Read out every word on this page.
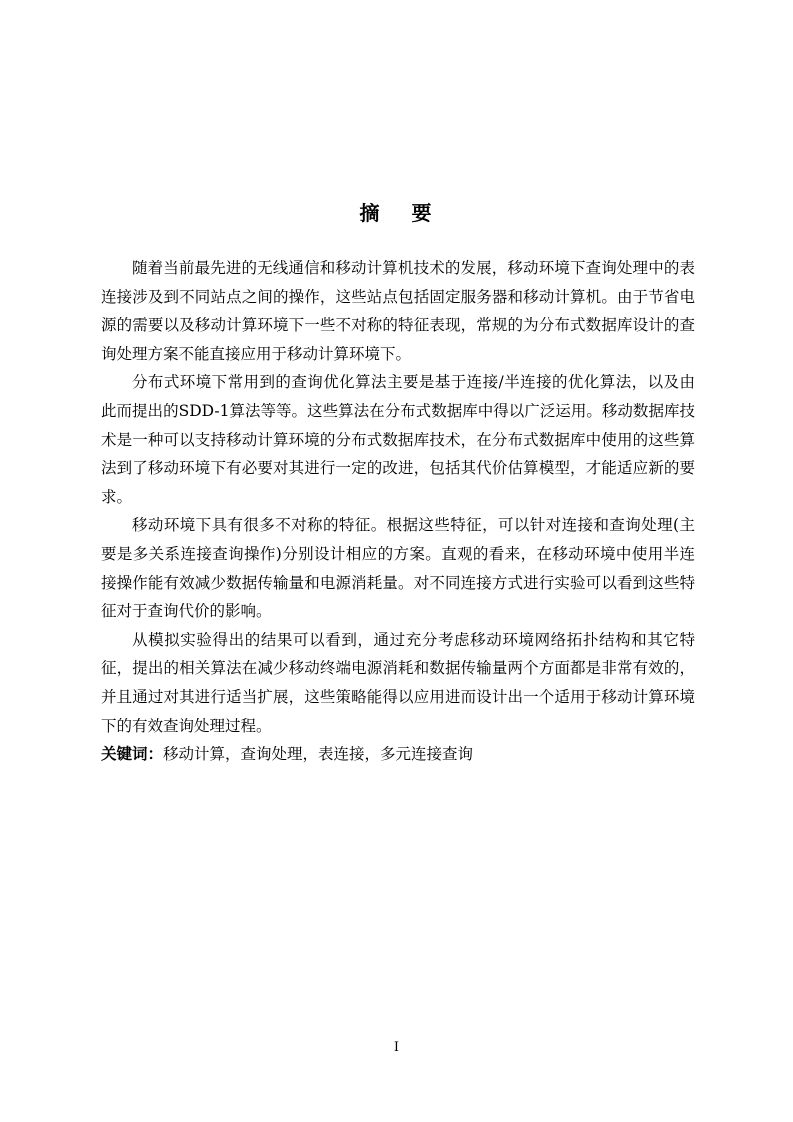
摘 要

随着当前最先进的无线通信和移动计算机技术的发展，移动环境下查询处理中的表连接涉及到不同站点之间的操作，这些站点包括固定服务器和移动计算机。由于节省电源的需要以及移动计算环境下一些不对称的特征表现，常规的为分布式数据库设计的查询处理方案不能直接应用于移动计算环境下。

分布式环境下常用到的查询优化算法主要是基于连接/半连接的优化算法，以及由此而提出的SDD-1算法等等。这些算法在分布式数据库中得以广泛运用。移动数据库技术是一种可以支持移动计算环境的分布式数据库技术，在分布式数据库中使用的这些算法到了移动环境下有必要对其进行一定的改进，包括其代价估算模型，才能适应新的要求。

移动环境下具有很多不对称的特征。根据这些特征，可以针对连接和查询处理(主要是多关系连接查询操作)分别设计相应的方案。直观的看来，在移动环境中使用半连接操作能有效减少数据传输量和电源消耗量。对不同连接方式进行实验可以看到这些特征对于查询代价的影响。

从模拟实验得出的结果可以看到，通过充分考虑移动环境网络拓扑结构和其它特征，提出的相关算法在减少移动终端电源消耗和数据传输量两个方面都是非常有效的，并且通过对其进行适当扩展，这些策略能得以应用进而设计出一个适用于移动计算环境下的有效查询处理过程。

关键词：移动计算，查询处理，表连接，多元连接查询

I
